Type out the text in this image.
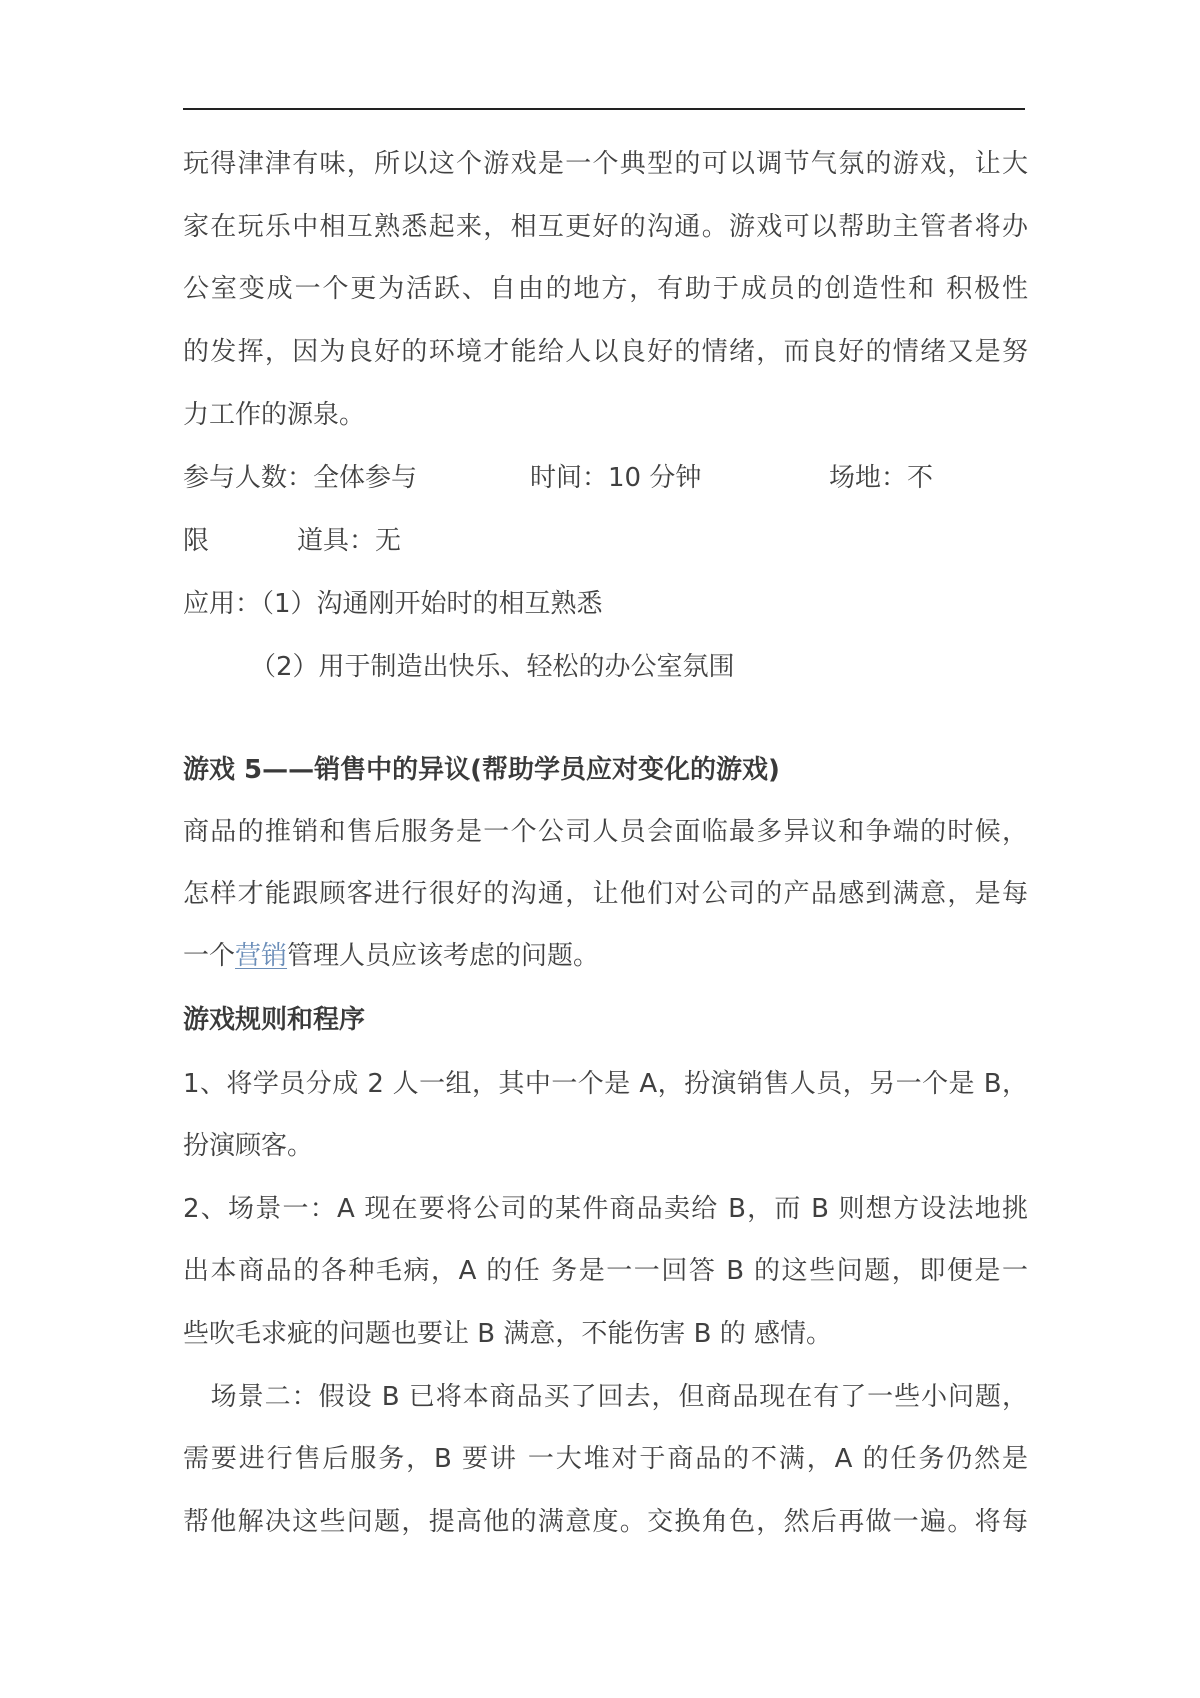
玩得津津有味，所以这个游戏是一个典型的可以调节气氛的游戏，让大
家在玩乐中相互熟悉起来，相互更好的沟通。游戏可以帮助主管者将办
公室变成一个更为活跃、自由的地方，有助于成员的创造性和 积极性
的发挥，因为良好的环境才能给人以良好的情绪，而良好的情绪又是努
力工作的源泉。
参与人数：全体参与	时间：10 分钟	场地：不
限	道具：无
应用：（1）沟通刚开始时的相互熟悉
（2）用于制造出快乐、轻松的办公室氛围
游戏 5——销售中的异议(帮助学员应对变化的游戏)
商品的推销和售后服务是一个公司人员会面临最多异议和争端的时候，
怎样才能跟顾客进行很好的沟通，让他们对公司的产品感到满意，是每
一个营销管理人员应该考虑的问题。
游戏规则和程序
1、将学员分成 2 人一组，其中一个是 A，扮演销售人员，另一个是 B，
扮演顾客。
2、场景一：A 现在要将公司的某件商品卖给 B，而 B 则想方设法地挑
出本商品的各种毛病，A 的任 务是一一回答 B 的这些问题，即便是一
些吹毛求疵的问题也要让 B 满意，不能伤害 B 的 感情。
场景二：假设 B 已将本商品买了回去，但商品现在有了一些小问题，
需要进行售后服务，B 要讲 一大堆对于商品的不满，A 的任务仍然是
帮他解决这些问题，提高他的满意度。交换角色，然后再做一遍。将每
